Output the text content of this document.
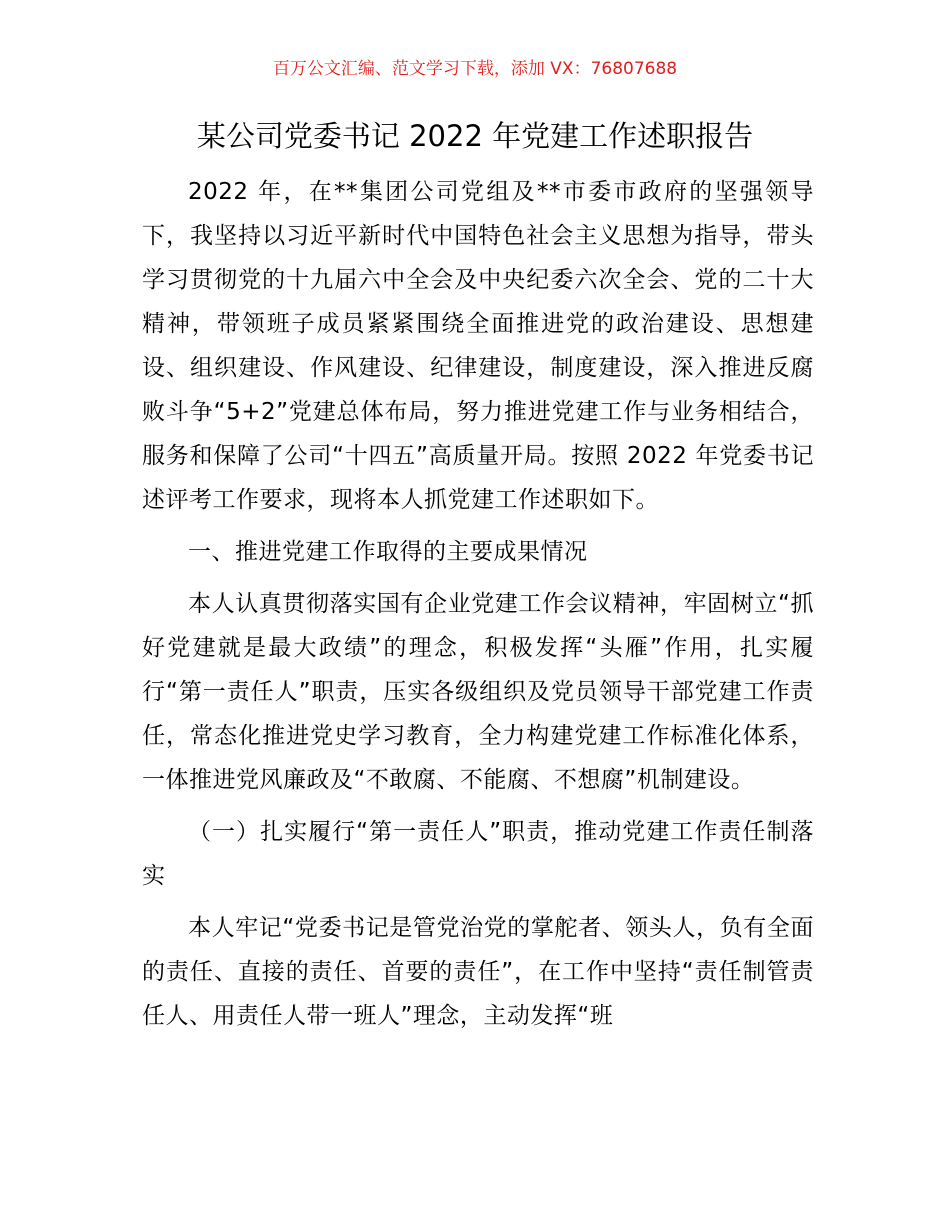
百万公文汇编、范文学习下载，添加 VX：76807688
某公司党委书记 2022 年党建工作述职报告

2022 年，在**集团公司党组及**市委市政府的坚强领导下，我坚持以习近平新时代中国特色社会主义思想为指导，带头学习贯彻党的十九届六中全会及中央纪委六次全会、党的二十大精神，带领班子成员紧紧围绕全面推进党的政治建设、思想建设、组织建设、作风建设、纪律建设，制度建设，深入推进反腐败斗争“5+2”党建总体布局，努力推进党建工作与业务相结合，服务和保障了公司“十四五”高质量开局。按照 2022 年党委书记述评考工作要求，现将本人抓党建工作述职如下。

一、推进党建工作取得的主要成果情况

本人认真贯彻落实国有企业党建工作会议精神，牢固树立“抓好党建就是最大政绩”的理念，积极发挥“头雁”作用，扎实履行“第一责任人”职责，压实各级组织及党员领导干部党建工作责任，常态化推进党史学习教育，全力构建党建工作标准化体系，一体推进党风廉政及“不敢腐、不能腐、不想腐”机制建设。

（一）扎实履行“第一责任人”职责，推动党建工作责任制落实

本人牢记“党委书记是管党治党的掌舵者、领头人，负有全面的责任、直接的责任、首要的责任”，在工作中坚持“责任制管责任人、用责任人带一班人”理念，主动发挥“班
